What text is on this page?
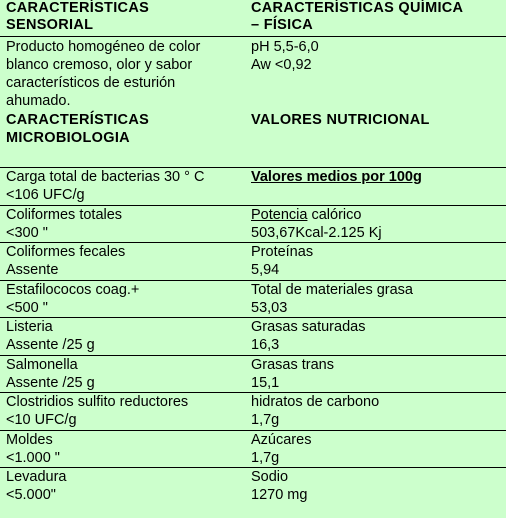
CARACTERÍSTICAS
SENSORIAL
CARACTERÍSTICAS QUÍMICA
– FÍSICA
Producto homogéneo de color
blanco cremoso, olor y sabor
característicos de esturión
ahumado.
pH 5,5-6,0
Aw <0,92
CARACTERÍSTICAS
MICROBIOLOGIA
VALORES NUTRICIONAL
Valores medios por 100g
Potencia calórico
Carga total de bacterias 30 ° C
<106 UFC/g
Coliformes totales
<300 "	503,67Kcal-2.125 Kj
Coliformes fecales
Assente
Proteínas
5,94
Estafilococos coag.+
<500 "
Total de materiales grasa
53,03
Listeria
Assente /25 g
Grasas saturadas
16,3
Salmonella
Assente /25 g
Grasas trans
15,1
Clostridios sulfito reductores
<10 UFC/g
hidratos de carbono
1,7g
Moldes
<1.000 "
Azúcares
1,7g
Levadura
<5.000"
Sodio
1270 mg
